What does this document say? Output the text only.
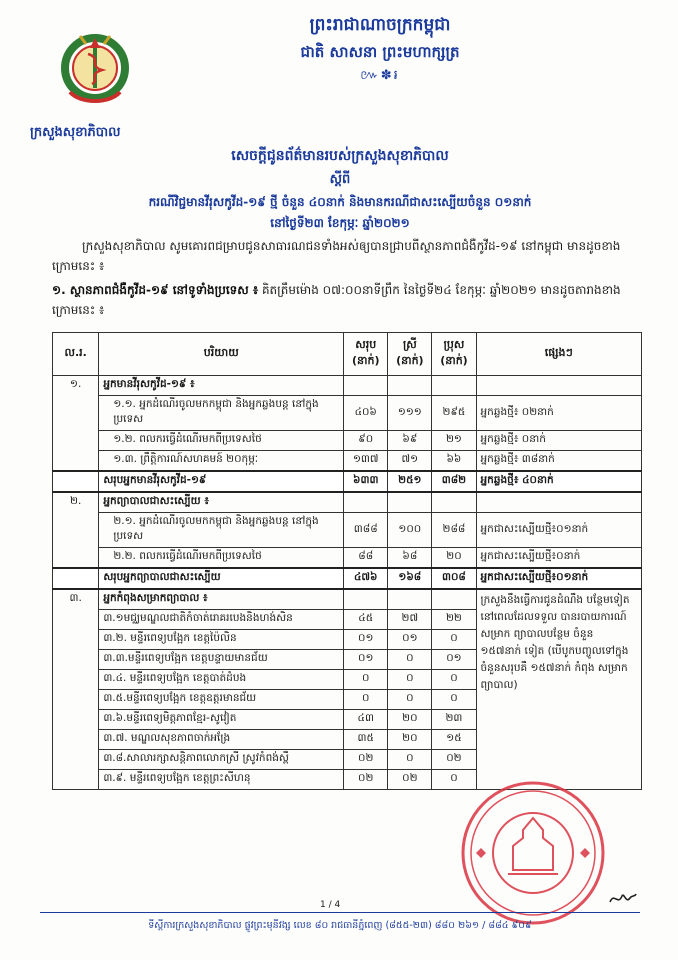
ក្រសួងសុខាភិបាល
ព្រះរាជាណាចក្រកម្ពុជា
ជាតិ សាសនា ព្រះមហាក្សត្រ
៚✽៛
សេចក្ដីជូនព័ត៌មានរបស់ក្រសួងសុខាភិបាល
ស្ដីពី
ករណីវិជ្ជមានវីរុសកូវីដ-១៩ ថ្មី ចំនួន ៤០នាក់ និងមានករណីជាសះស្បើយចំនួន ០១នាក់
នៅថ្ងៃទី២៣ ខែកុម្ភៈ ឆ្នាំ២០២១
ក្រសួងសុខាភិបាល សូមគោរពជម្រាបជូនសាធារណជនទាំងអស់ឲ្យបានជ្រាបពីស្ថានភាពជំងឺកូវីដ-១៩ នៅកម្ពុជា មានដូចខាងក្រោមនេះ ៖
១. ស្ថានភាពជំងឺកូវីដ-១៩ នៅទូទាំងប្រទេស ៖ គិតត្រឹមម៉ោង ០៧:០០នាទីព្រឹក នៃថ្ងៃទី២៤ ខែកុម្ភៈ ឆ្នាំ២០២១ មានដូចតារាងខាងក្រោមនេះ ៖
ល.រ.	បរិយាយ	សរុប (នាក់)	ស្រី (នាក់)	ប្រុស (នាក់)	ផ្សេងៗ
១.	អ្នកមានវីរុសកូវីដ-១៩ ៖				

	១.១. អ្នកដំណើរចូលមកកម្ពុជា និងអ្នកឆ្លងបន្ត នៅក្នុងប្រទេស	៤០៦	១១១	២៩៥	អ្នកឆ្លងថ្មី៖ ០២នាក់

	១.២. ពលករធ្វើដំណើរមកពីប្រទេសថៃ	៩០	៦៩	២១	អ្នកឆ្លងថ្មី៖ ០នាក់

	១.៣. ព្រឹត្តិការណ៍សហគមន៍ ២០កុម្ភៈ	១៣៧	៧១	៦៦	អ្នកឆ្លងថ្មី៖ ៣៨នាក់
	សរុបអ្នកមានវីរុសកូវីដ-១៩	៦៣៣	២៥១	៣៨២	អ្នកឆ្លងថ្មី៖ ៤០នាក់
២.	អ្នកព្យាបាលជាសះស្បើយ ៖				

	២.១. អ្នកដំណើរចូលមកកម្ពុជា និងអ្នកឆ្លងបន្ត នៅក្នុងប្រទេស	៣៨៨	១០០	២៨៨	អ្នកជាសះស្បើយថ្មី៖០១នាក់

	២.២. ពលករធ្វើដំណើរមកពីប្រទេសថៃ	៨៨	៦៨	២០	អ្នកជាសះស្បើយថ្មី៖០នាក់
	សរុបអ្នកព្យាបាលជាសះស្បើយ	៤៧៦	១៦៨	៣០៨	អ្នកជាសះស្បើយថ្មី៖០១នាក់
៣.	អ្នកកំពុងសម្រាកព្យាបាល ៖				ក្រសួងនឹងធ្វើការជូនដំណឹង បន្ថែមទៀតនៅពេលដែលទទួល បានរបាយការណ៍សម្រាក ព្យាបាលបន្ថែម ចំនួន ១៥៧នាក់ ទៀត (បើបូកបញ្ចូលទៅក្នុង ចំនួនសរុបគឺ ១៥៧នាក់ កំពុង សម្រាកព្យាបាល)
	៣.១មជ្ឈមណ្ឌលជាតិកំចាត់រោគរបេងនិងហង់សិន	៤៥	២៧	២២	
	៣.២. មន្ទីរពេទ្យបង្អែក ខេត្តប៉ៃលិន	០១	០១	០	
	៣.៣.មន្ទីរពេទ្យបង្អែក ខេត្តបន្ទាយមានជ័យ	០១	០	០១	
	៣.៤. មន្ទីរពេទ្យបង្អែក ខេត្តបាត់ដំបង	០	០	០	
	៣.៥.មន្ទីរពេទ្យបង្អែក ខេត្តឧត្តរមានជ័យ	០	០	០	
	៣.៦.មន្ទីរពេទ្យមិត្តភាពខ្មែរ-សូវៀត	៤៣	២០	២៣	
	៣.៧. មណ្ឌលសុខភាពចាក់អង្រែ	៣៥	២០	១៥	
	៣.៨.សាលារក្សាសន្តិភាពលោកស្រី ស្រូវកំពង់ស្ពឺ	០២	០	០២	
	៣.៩. មន្ទីរពេទ្យបង្អែក ខេត្តព្រះសីហនុ	០២	០២	០	
1 / 4
ទីស្តីការក្រសួងសុខាភិបាល ផ្លូវព្រះមុនីវង្ស លេខ ៨០ រាជធានីភ្នំពេញ (៨៥៥-២៣) ៨៨០ ២៦១ / ៨៨៤ ៩០៩
